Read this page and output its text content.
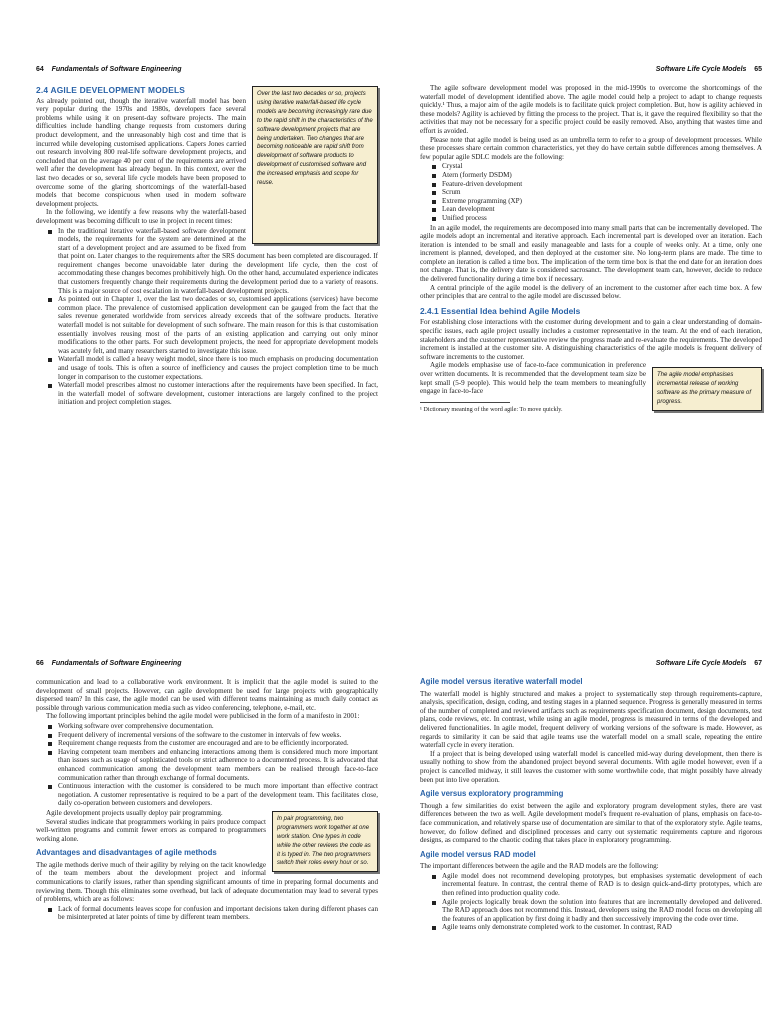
64 Fundamentals of Software Engineering
Over the last two decades or so, projects using iterative waterfall-based life cycle models are becoming increasingly rare due to the rapid shift in the characteristics of the software development projects that are being undertaken. Two changes that are becoming noticeable are rapid shift from development of software products to development of customised software and the increased emphasis and scope for reuse.
2.4 AGILE DEVELOPMENT MODELS

As already pointed out, though the iterative waterfall model has been very popular during the 1970s and 1980s, developers face several problems while using it on present-day software projects. The main difficulties include handling change requests from customers during product development, and the unreasonably high cost and time that is incurred while developing customised applications. Capers Jones carried out research involving 800 real-life software development projects, and concluded that on the average 40 per cent of the requirements are arrived well after the development has already begun. In this context, over the last two decades or so, several life cycle models have been proposed to overcome some of the glaring shortcomings of the waterfall-based models that become conspicuous when used in modern software development projects.

In the following, we identify a few reasons why the waterfall-based development was becoming difficult to use in project in recent times:

In the traditional iterative waterfall-based software development models, the requirements for the system are determined at the start of a development project and are assumed to be fixed from that point on. Later changes to the requirements after the SRS document has been completed are discouraged. If requirement changes become unavoidable later during the development life cycle, then the cost of accommodating these changes becomes prohibitively high. On the other hand, accumulated experience indicates that customers frequently change their requirements during the development period due to a variety of reasons. This is a major source of cost escalation in waterfall-based development projects.
As pointed out in Chapter 1, over the last two decades or so, customised applications (services) have become common place. The prevalence of customised application development can be gauged from the fact that the sales revenue generated worldwide from services already exceeds that of the software products. Iterative waterfall model is not suitable for development of such software. The main reason for this is that customisation essentially involves reusing most of the parts of an existing application and carrying out only minor modifications to the other parts. For such development projects, the need for appropriate development models was acutely felt, and many researchers started to investigate this issue.
Waterfall model is called a heavy weight model, since there is too much emphasis on producing documentation and usage of tools. This is often a source of inefficiency and causes the project completion time to be much longer in comparison to the customer expectations.
Waterfall model prescribes almost no customer interactions after the requirements have been specified. In fact, in the waterfall model of software development, customer interactions are largely confined to the project initiation and project completion stages.
Software Life Cycle Models 65

The agile software development model was proposed in the mid-1990s to overcome the shortcomings of the waterfall model of development identified above. The agile model could help a project to adapt to change requests quickly.¹ Thus, a major aim of the agile models is to facilitate quick project completion. But, how is agility achieved in these models? Agility is achieved by fitting the process to the project. That is, it gave the required flexibility so that the activities that may not be necessary for a specific project could be easily removed. Also, anything that wastes time and effort is avoided.

Please note that agile model is being used as an umbrella term to refer to a group of development processes. While these processes share certain common characteristics, yet they do have certain subtle differences among themselves. A few popular agile SDLC models are the following:

Crystal
Atern (formerly DSDM)
Feature-driven development
Scrum
Extreme programming (XP)
Lean development
Unified process

In an agile model, the requirements are decomposed into many small parts that can be incrementally developed. The agile models adopt an incremental and iterative approach. Each incremental part is developed over an iteration. Each iteration is intended to be small and easily manageable and lasts for a couple of weeks only. At a time, only one increment is planned, developed, and then deployed at the customer site. No long-term plans are made. The time to complete an iteration is called a time box. The implication of the term time box is that the end date for an iteration does not change. That is, the delivery date is considered sacrosanct. The development team can, however, decide to reduce the delivered functionality during a time box if necessary.

A central principle of the agile model is the delivery of an increment to the customer after each time box. A few other principles that are central to the agile model are discussed below.

2.4.1 Essential Idea behind Agile Models

For establishing close interactions with the customer during development and to gain a clear understanding of domain-specific issues, each agile project usually includes a customer representative in the team. At the end of each iteration, stakeholders and the customer representative review the progress made and re-evaluate the requirements. The developed increment is installed at the customer site. A distinguishing characteristics of the agile models is frequent delivery of software increments to the customer.

The agile model emphasises incremental release of working software as the primary measure of progress.

Agile models emphasise use of face-to-face communication in preference over written documents. It is recommended that the development team size be kept small (5-9 people). This would help the team members to meaningfully engage in face-to-face

¹ Dictionary meaning of the word agile: To move quickly.

66 Fundamentals of Software Engineering

communication and lead to a collaborative work environment. It is implicit that the agile model is suited to the development of small projects. However, can agile development be used for large projects with geographically dispersed team? In this case, the agile model can be used with different teams maintaining as much daily contact as possible through various communication media such as video conferencing, telephone, e-mail, etc.

The following important principles behind the agile model were publicised in the form of a manifesto in 2001:

Working software over comprehensive documentation.
Frequent delivery of incremental versions of the software to the customer in intervals of few weeks.
Requirement change requests from the customer are encouraged and are to be efficiently incorporated.
Having competent team members and enhancing interactions among them is considered much more important than issues such as usage of sophisticated tools or strict adherence to a documented process. It is advocated that enhanced communication among the development team members can be realised through face-to-face communication rather than through exchange of formal documents.
Continuous interaction with the customer is considered to be much more important than effective contract negotiation. A customer representative is required to be a part of the development team. This facilitates close, daily co-operation between customers and developers.
In pair programming, two programmers work together at one work station. One types in code while the other reviews the code as it is typed in. The two programmers switch their roles every hour or so.

Agile development projects usually deploy pair programming.

Several studies indicate that programmers working in pairs produce compact well-written programs and commit fewer errors as compared to programmers working alone.

Advantages and disadvantages of agile methods

The agile methods derive much of their agility by relying on the tacit knowledge of the team members about the development project and informal communications to clarify issues, rather than spending significant amounts of time in preparing formal documents and reviewing them. Though this eliminates some overhead, but lack of adequate documentation may lead to several types of problems, which are as follows:

Lack of formal documents leaves scope for confusion and important decisions taken during different phases can be misinterpreted at later points of time by different team members.
Software Life Cycle Models 67
Agile model versus iterative waterfall model

The waterfall model is highly structured and makes a project to systematically step through requirements-capture, analysis, specification, design, coding, and testing stages in a planned sequence. Progress is generally measured in terms of the number of completed and reviewed artifacts such as requirements specification document, design documents, test plans, code reviews, etc. In contrast, while using an agile model, progress is measured in terms of the developed and delivered functionalities. In agile model, frequent delivery of working versions of the software is made. However, as regards to similarity it can be said that agile teams use the waterfall model on a small scale, repeating the entire waterfall cycle in every iteration.

If a project that is being developed using waterfall model is cancelled mid-way during development, then there is usually nothing to show from the abandoned project beyond several documents. With agile model however, even if a project is cancelled midway, it still leaves the customer with some worthwhile code, that might possibly have already been put into live operation.

Agile versus exploratory programming

Though a few similarities do exist between the agile and exploratory program development styles, there are vast differences between the two as well. Agile development model's frequent re-evaluation of plans, emphasis on face-to-face communication, and relatively sparse use of documentation are similar to that of the exploratory style. Agile teams, however, do follow defined and disciplined processes and carry out systematic requirements capture and rigorous designs, as compared to the chaotic coding that takes place in exploratory programming.

Agile model versus RAD model

The important differences between the agile and the RAD models are the following:

Agile model does not recommend developing prototypes, but emphasises systematic development of each incremental feature. In contrast, the central theme of RAD is to design quick-and-dirty prototypes, which are then refined into production quality code.
Agile projects logically break down the solution into features that are incrementally developed and delivered. The RAD approach does not recommend this. Instead, developers using the RAD model focus on developing all the features of an application by first doing it badly and then successively improving the code over time.
Agile teams only demonstrate completed work to the customer. In contrast, RAD
